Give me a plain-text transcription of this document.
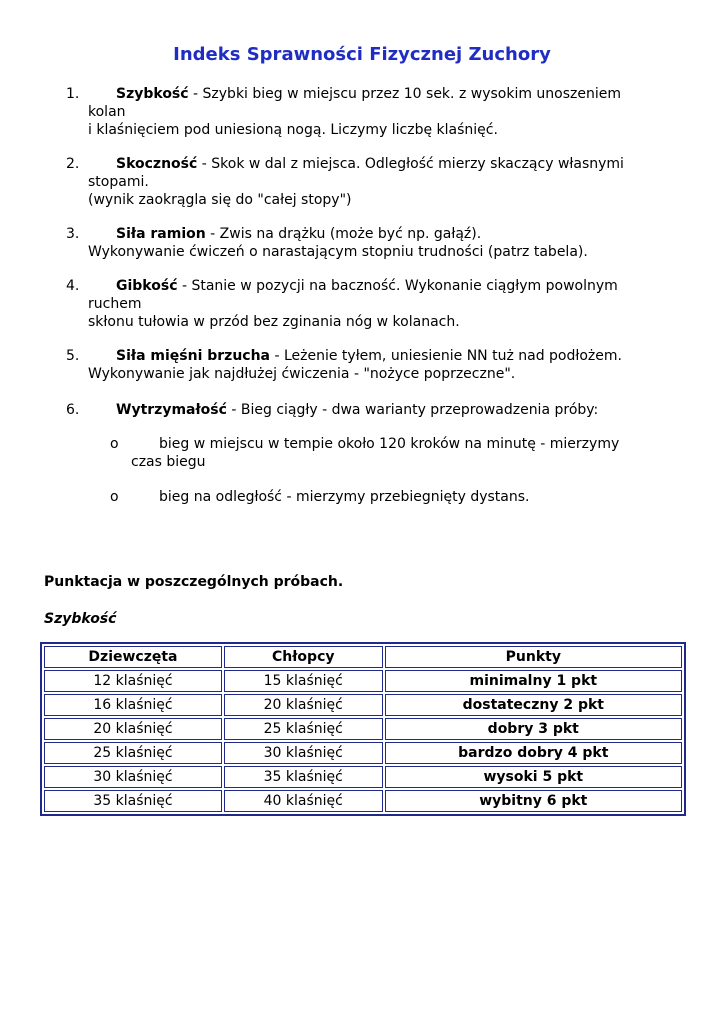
Indeks Sprawności Fizycznej Zuchory
1.	Szybkość - Szybki bieg w miejscu przez 10 sek. z wysokim unoszeniem
kolan
i klaśnięciem pod uniesioną nogą. Liczymy liczbę klaśnięć.
2.	Skoczność - Skok w dal z miejsca. Odległość mierzy skaczący własnymi
stopami.
(wynik zaokrągla się do "całej stopy")
3.	Siła ramion - Zwis na drążku (może być np. gałąź).
Wykonywanie ćwiczeń o narastającym stopniu trudności (patrz tabela).
4.	Gibkość - Stanie w pozycji na baczność. Wykonanie ciągłym powolnym
ruchem
skłonu tułowia w przód bez zginania nóg w kolanach.
5.	Siła mięśni brzucha - Leżenie tyłem, uniesienie NN tuż nad podłożem.
Wykonywanie jak najdłużej ćwiczenia - "nożyce poprzeczne".
6.	Wytrzymałość - Bieg ciągły - dwa warianty przeprowadzenia próby:
o	bieg w miejscu w tempie około 120 kroków na minutę - mierzymy
czas biegu
o	bieg na odległość - mierzymy przebiegnięty dystans.
Punktacja w poszczególnych próbach.
Szybkość
Dziewczęta	Chłopcy	Punkty
12 klaśnięć	15 klaśnięć	minimalny 1 pkt
16 klaśnięć	20 klaśnięć	dostateczny 2 pkt
20 klaśnięć	25 klaśnięć	dobry 3 pkt
25 klaśnięć	30 klaśnięć	bardzo dobry 4 pkt
30 klaśnięć	35 klaśnięć	wysoki 5 pkt
35 klaśnięć	40 klaśnięć	wybitny 6 pkt
